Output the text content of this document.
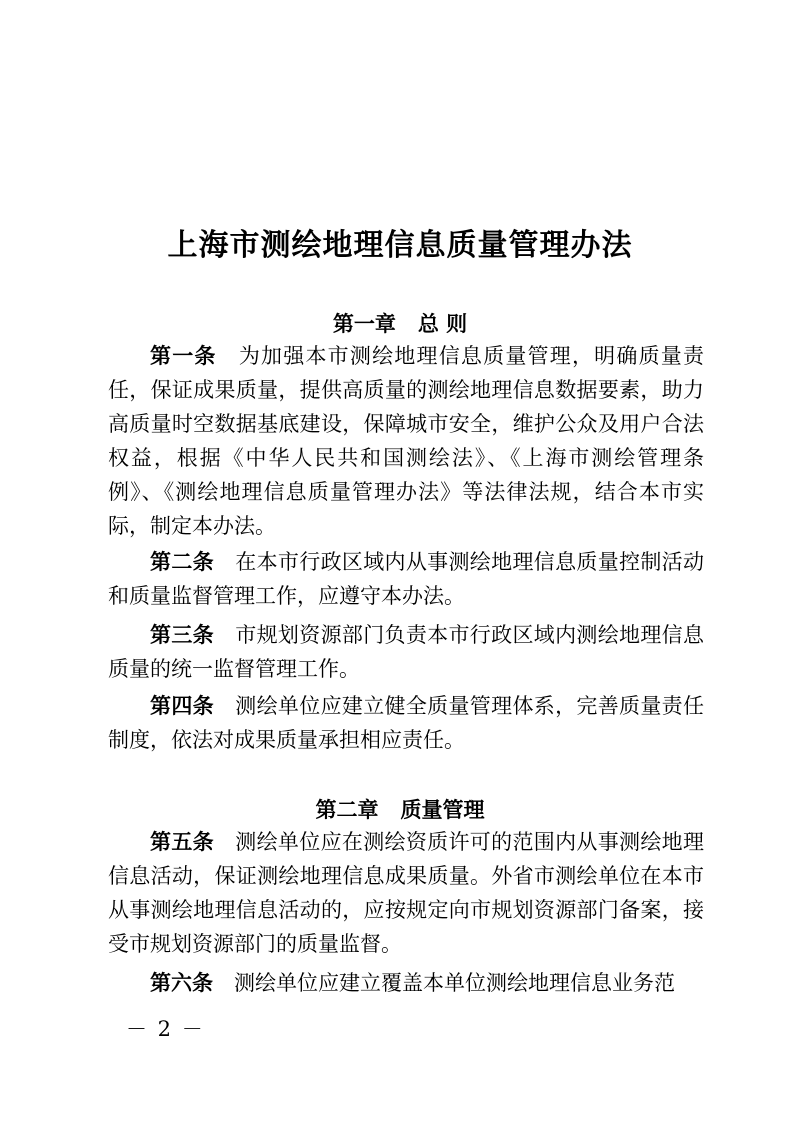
上海市测绘地理信息质量管理办法
第一章 总 则
第一条 为加强本市测绘地理信息质量管理，明确质量责任，保证成果质量，提供高质量的测绘地理信息数据要素，助力高质量时空数据基底建设，保障城市安全，维护公众及用户合法权益，根据《中华人民共和国测绘法》、《上海市测绘管理条例》、《测绘地理信息质量管理办法》等法律法规，结合本市实际，制定本办法。
第二条 在本市行政区域内从事测绘地理信息质量控制活动和质量监督管理工作，应遵守本办法。
第三条 市规划资源部门负责本市行政区域内测绘地理信息质量的统一监督管理工作。
第四条 测绘单位应建立健全质量管理体系，完善质量责任制度，依法对成果质量承担相应责任。
第二章 质量管理
第五条 测绘单位应在测绘资质许可的范围内从事测绘地理信息活动，保证测绘地理信息成果质量。外省市测绘单位在本市从事测绘地理信息活动的，应按规定向市规划资源部门备案，接受市规划资源部门的质量监督。
第六条 测绘单位应建立覆盖本单位测绘地理信息业务范
－ 2 －
